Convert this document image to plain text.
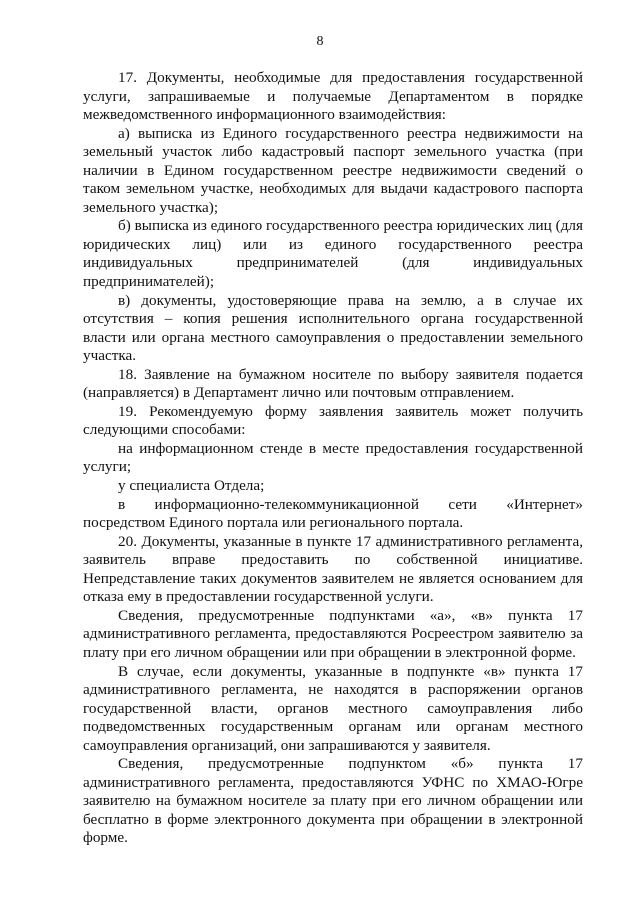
8

17. Документы, необходимые для предоставления государственной услуги, запрашиваемые и получаемые Департаментом в порядке межведомственного информационного взаимодействия:

а) выписка из Единого государственного реестра недвижимости на земельный участок либо кадастровый паспорт земельного участка (при наличии в Едином государственном реестре недвижимости сведений о таком земельном участке, необходимых для выдачи кадастрового паспорта земельного участка);

б) выписка из единого государственного реестра юридических лиц (для юридических лиц) или из единого государственного реестра индивидуальных предпринимателей (для индивидуальных предпринимателей);

в) документы, удостоверяющие права на землю, а в случае их отсутствия – копия решения исполнительного органа государственной власти или органа местного самоуправления о предоставлении земельного участка.

18. Заявление на бумажном носителе по выбору заявителя подается (направляется) в Департамент лично или почтовым отправлением.

19. Рекомендуемую форму заявления заявитель может получить следующими способами:

на информационном стенде в месте предоставления государственной услуги;

у специалиста Отдела;

в информационно-телекоммуникационной сети «Интернет» посредством Единого портала или регионального портала.

20. Документы, указанные в пункте 17 административного регламента, заявитель вправе предоставить по собственной инициативе. Непредставление таких документов заявителем не является основанием для отказа ему в предоставлении государственной услуги.

Сведения, предусмотренные подпунктами «а», «в» пункта 17 административного регламента, предоставляются Росреестром заявителю за плату при его личном обращении или при обращении в электронной форме.

В случае, если документы, указанные в подпункте «в» пункта 17 административного регламента, не находятся в распоряжении органов государственной власти, органов местного самоуправления либо подведомственных государственным органам или органам местного самоуправления организаций, они запрашиваются у заявителя.

Сведения, предусмотренные подпунктом «б» пункта 17 административного регламента, предоставляются УФНС по ХМАО-Югре заявителю на бумажном носителе за плату при его личном обращении или бесплатно в форме электронного документа при обращении в электронной форме.
